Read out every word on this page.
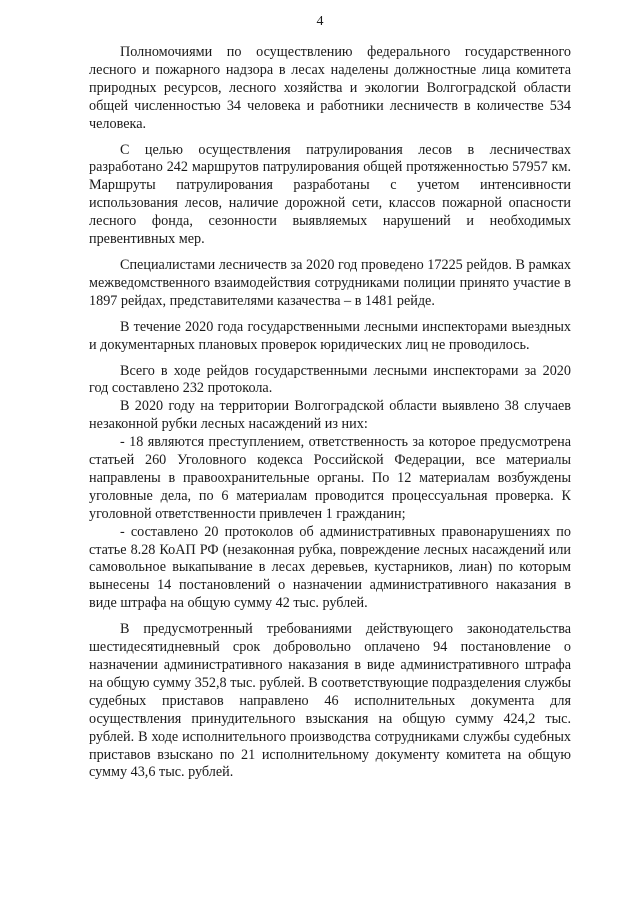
4

Полномочиями по осуществлению федерального государственного лесного и пожарного надзора в лесах наделены должностные лица комитета природных ресурсов, лесного хозяйства и экологии Волгоградской области общей численностью 34 человека и работники лесничеств в количестве 534 человека.

С целью осуществления патрулирования лесов в лесничествах разработано 242 маршрутов патрулирования общей протяженностью 57957 км. Маршруты патрулирования разработаны с учетом интенсивности использования лесов, наличие дорожной сети, классов пожарной опасности лесного фонда, сезонности выявляемых нарушений и необходимых превентивных мер.

Специалистами лесничеств за 2020 год проведено 17225 рейдов. В рамках межведомственного взаимодействия сотрудниками полиции принято участие в 1897 рейдах, представителями казачества – в 1481 рейде.

В течение 2020 года государственными лесными инспекторами выездных и документарных плановых проверок юридических лиц не проводилось.

Всего в ходе рейдов государственными лесными инспекторами за 2020 год составлено 232 протокола.

В 2020 году на территории Волгоградской области выявлено 38 случаев незаконной рубки лесных насаждений из них:

- 18 являются преступлением, ответственность за которое предусмотрена статьей 260 Уголовного кодекса Российской Федерации, все материалы направлены в правоохранительные органы. По 12 материалам возбуждены уголовные дела, по 6 материалам проводится процессуальная проверка. К уголовной ответственности привлечен 1 гражданин;

- составлено 20 протоколов об административных правонарушениях по статье 8.28 КоАП РФ (незаконная рубка, повреждение лесных насаждений или самовольное выкапывание в лесах деревьев, кустарников, лиан) по которым вынесены 14 постановлений о назначении административного наказания в виде штрафа на общую сумму 42 тыс. рублей.

В предусмотренный требованиями действующего законодательства шестидесятидневный срок добровольно оплачено 94 постановление о назначении административного наказания в виде административного штрафа на общую сумму 352,8 тыс. рублей. В соответствующие подразделения службы судебных приставов направлено 46 исполнительных документа для осуществления принудительного взыскания на общую сумму 424,2 тыс. рублей. В ходе исполнительного производства сотрудниками службы судебных приставов взыскано по 21 исполнительному документу комитета на общую сумму 43,6 тыс. рублей.
